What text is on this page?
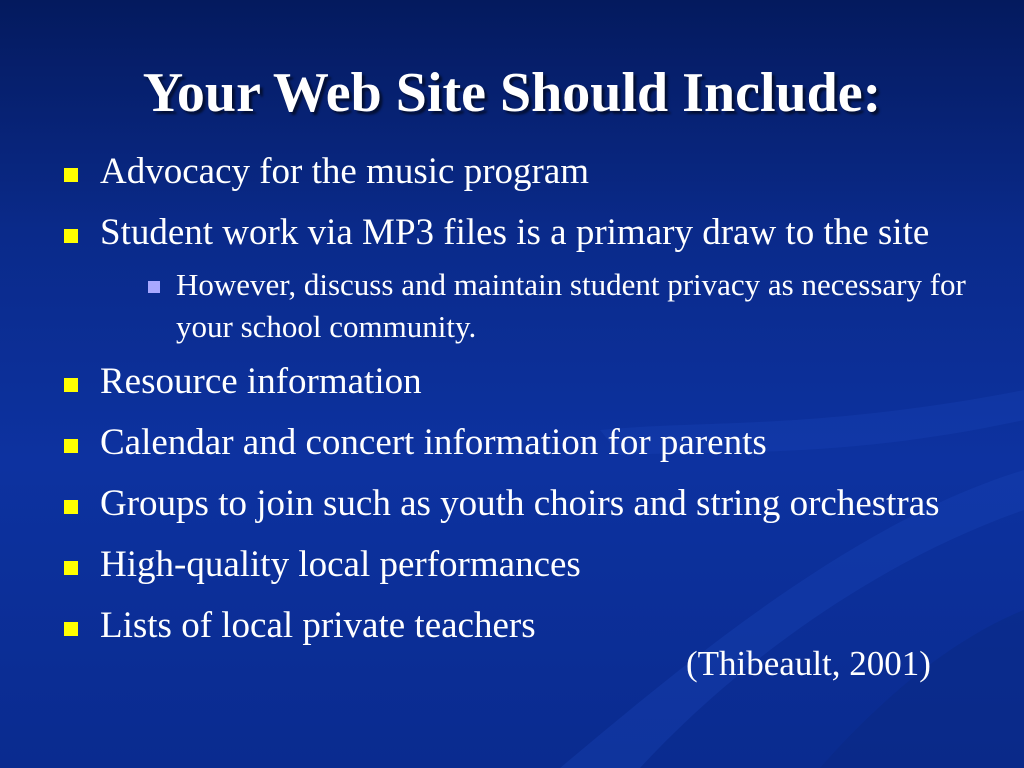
Your Web Site Should Include:
Advocacy for the music program
Student work via MP3 files is a primary draw to the site
However, discuss and maintain student privacy as necessary for your school community.
Resource information
Calendar and concert information for parents
Groups to join such as youth choirs and string orchestras
High-quality local performances
Lists of local private teachers
(Thibeault, 2001)
